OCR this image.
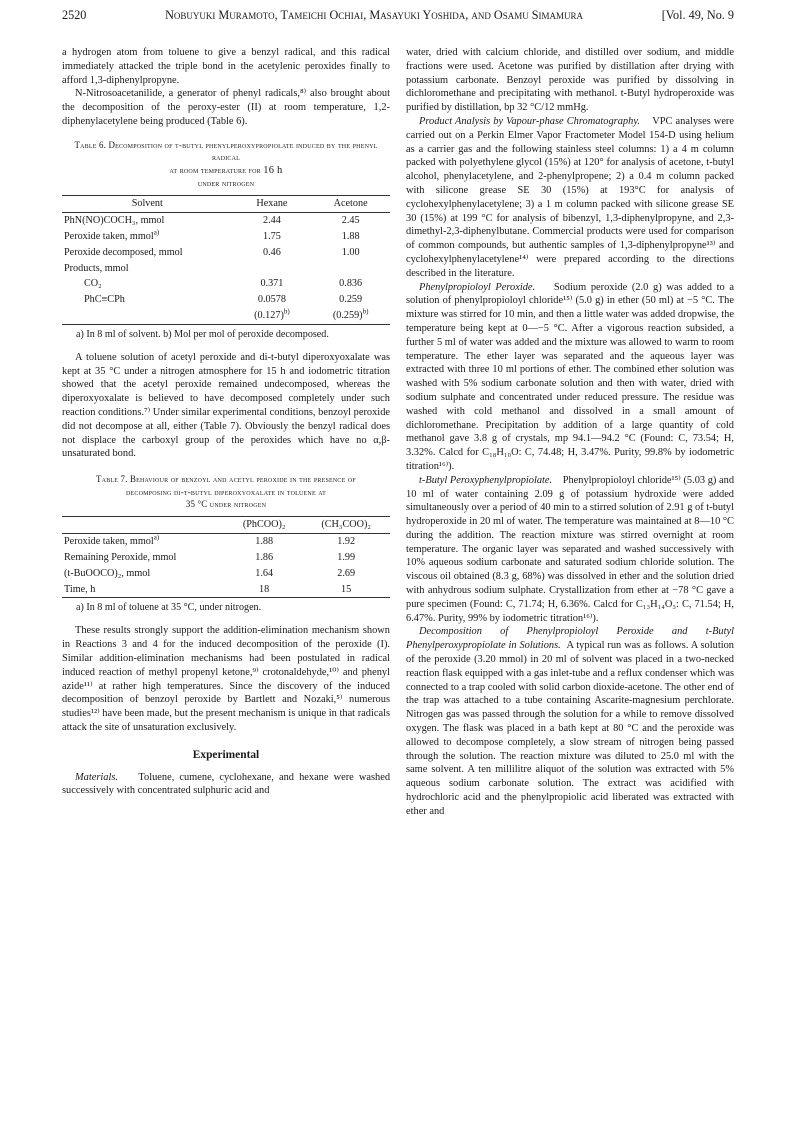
2520	Nobuyuki Muramoto, Tameichi Ochiai, Masayuki Yoshida, and Osamu Simamura	[Vol. 49, No. 9

a hydrogen atom from toluene to give a benzyl radical, and this radical immediately attacked the triple bond in the acetylenic peroxides finally to afford 1,3-diphenylpropyne.

N-Nitrosoacetanilide, a generator of phenyl radicals,⁸⁾ also brought about the decomposition of the peroxy-ester (II) at room temperature, 1,2-diphenylacetylene being produced (Table 6).

Table 6. Decomposition of t-butyl phenylperoxypropiolate induced by the phenyl radical
at room temperature for 16 h
under nitrogen
Solvent	Hexane	Acetone
PhN(NO)COCH₃, mmol	2.44	2.45
Peroxide taken, mmol$^{a)}$	1.75	1.88
Peroxide decomposed, mmol	0.46	1.00
Products, mmol		
CO₂	0.371	0.836
PhC≡CPh	0.0578	0.259
	$(0.127)^{b)}$	$(0.259)^{b)}$

a) In 8 ml of solvent. b) Mol per mol of peroxide decomposed.

A toluene solution of acetyl peroxide and di-t-butyl diperoxyoxalate was kept at 35 °C under a nitrogen atmosphere for 15 h and iodometric titration showed that the acetyl peroxide remained undecomposed, whereas the diperoxyoxalate is believed to have decomposed completely under such reaction conditions.⁷⁾ Under similar experimental conditions, benzoyl peroxide did not decompose at all, either (Table 7). Obviously the benzyl radical does not displace the carboxyl group of the peroxides which have no α,β-unsaturated bond.

Table 7. Behaviour of benzoyl and acetyl peroxide in the presence of decomposing di-t-butyl diperoxyoxalate in toluene at
35 °C under nitrogen
	(PhCOO)₂	(CH₃COO)₂
Peroxide taken, mmol$^{a)}$	1.88	1.92
Remaining Peroxide, mmol	1.86	1.99
(t-BuOOCO)₂, mmol	1.64	2.69
Time, h	18	15

a) In 8 ml of toluene at 35 °C, under nitrogen.

These results strongly support the addition-elimination mechanism shown in Reactions 3 and 4 for the induced decomposition of the peroxide (I). Similar addition-elimination mechanisms had been postulated in radical induced reaction of methyl propenyl ketone,⁹⁾ crotonaldehyde,¹⁰⁾ and phenyl azide¹¹⁾ at rather high temperatures. Since the discovery of the induced decomposition of benzoyl peroxide by Bartlett and Nozaki,⁵⁾ numerous studies¹²⁾ have been made, but the present mechanism is unique in that radicals attack the site of unsaturation exclusively.

Experimental

Materials. Toluene, cumene, cyclohexane, and hexane were washed successively with concentrated sulphuric acid and

water, dried with calcium chloride, and distilled over sodium, and middle fractions were used. Acetone was purified by distillation after drying with potassium carbonate. Benzoyl peroxide was purified by dissolving in dichloromethane and precipitating with methanol. t-Butyl hydroperoxide was purified by distillation, bp 32 °C/12 mmHg.

Product Analysis by Vapour-phase Chromatography. VPC analyses were carried out on a Perkin Elmer Vapor Fractometer Model 154-D using helium as a carrier gas and the following stainless steel columns: 1) a 4 m column packed with polyethylene glycol (15%) at 120° for analysis of acetone, t-butyl alcohol, phenylacetylene, and 2-phenylpropene; 2) a 0.4 m column packed with silicone grease SE 30 (15%) at 193°C for analysis of cyclohexylphenylacetylene; 3) a 1 m column packed with silicone grease SE 30 (15%) at 199 °C for analysis of bibenzyl, 1,3-diphenylpropyne, and 2,3-dimethyl-2,3-diphenylbutane. Commercial products were used for comparison of common compounds, but authentic samples of 1,3-diphenylpropyne¹³⁾ and cyclohexylphenylacetylene¹⁴⁾ were prepared according to the directions described in the literature.

Phenylpropioloyl Peroxide. Sodium peroxide (2.0 g) was added to a solution of phenylpropioloyl chloride¹⁵⁾ (5.0 g) in ether (50 ml) at −5 °C. The mixture was stirred for 10 min, and then a little water was added dropwise, the temperature being kept at 0—−5 °C. After a vigorous reaction subsided, a further 5 ml of water was added and the mixture was allowed to warm to room temperature. The ether layer was separated and the aqueous layer was extracted with three 10 ml portions of ether. The combined ether solution was washed with 5% sodium carbonate solution and then with water, dried with sodium sulphate and concentrated under reduced pressure. The residue was washed with cold methanol and dissolved in a small amount of dichloromethane. Precipitation by addition of a large quantity of cold methanol gave 3.8 g of crystals, mp 94.1—94.2 °C (Found: C, 73.54; H, 3.32%. Calcd for C₁₈H₁₀O: C, 74.48; H, 3.47%. Purity, 99.8% by iodometric titration¹⁶⁾).

t-Butyl Peroxyphenylpropiolate. Phenylpropioloyl chloride¹⁵⁾ (5.03 g) and 10 ml of water containing 2.09 g of potassium hydroxide were added simultaneously over a period of 40 min to a stirred solution of 2.91 g of t-butyl hydroperoxide in 20 ml of water. The temperature was maintained at 8—10 °C during the addition. The reaction mixture was stirred overnight at room temperature. The organic layer was separated and washed successively with 10% aqueous sodium carbonate and saturated sodium chloride solution. The viscous oil obtained (8.3 g, 68%) was dissolved in ether and the solution dried with anhydrous sodium sulphate. Crystallization from ether at −78 °C gave a pure specimen (Found: C, 71.74; H, 6.36%. Calcd for C₁₃H₁₄O₃: C, 71.54; H, 6.47%. Purity, 99% by iodometric titration¹⁶⁾).

Decomposition of Phenylpropioloyl Peroxide and t-Butyl Phenylperoxypropiolate in Solutions. A typical run was as follows. A solution of the peroxide (3.20 mmol) in 20 ml of solvent was placed in a two-necked reaction flask equipped with a gas inlet-tube and a reflux condenser which was connected to a trap cooled with solid carbon dioxide-acetone. The other end of the trap was attached to a tube containing Ascarite-magnesium perchlorate. Nitrogen gas was passed through the solution for a while to remove dissolved oxygen. The flask was placed in a bath kept at 80 °C and the peroxide was allowed to decompose completely, a slow stream of nitrogen being passed through the solution. The reaction mixture was diluted to 25.0 ml with the same solvent. A ten millilitre aliquot of the solution was extracted with 5% aqueous sodium carbonate solution. The extract was acidified with hydrochloric acid and the phenylpropiolic acid liberated was extracted with ether and
